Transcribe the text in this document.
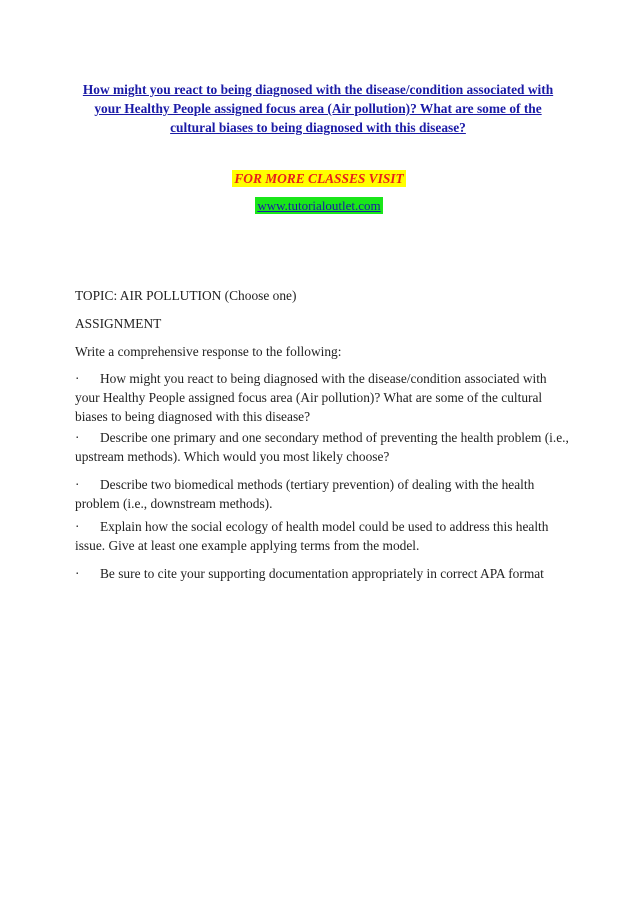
How might you react to being diagnosed with the disease/condition associated with your Healthy People assigned focus area (Air pollution)? What are some of the cultural biases to being diagnosed with this disease?
FOR MORE CLASSES VISIT
www.tutorialoutlet.com
TOPIC: AIR POLLUTION (Choose one)
ASSIGNMENT
Write a comprehensive response to the following:
· How might you react to being diagnosed with the disease/condition associated with your Healthy People assigned focus area (Air pollution)? What are some of the cultural biases to being diagnosed with this disease?
· Describe one primary and one secondary method of preventing the health problem (i.e., upstream methods). Which would you most likely choose?
· Describe two biomedical methods (tertiary prevention) of dealing with the health problem (i.e., downstream methods).
· Explain how the social ecology of health model could be used to address this health issue. Give at least one example applying terms from the model.
· Be sure to cite your supporting documentation appropriately in correct APA format
